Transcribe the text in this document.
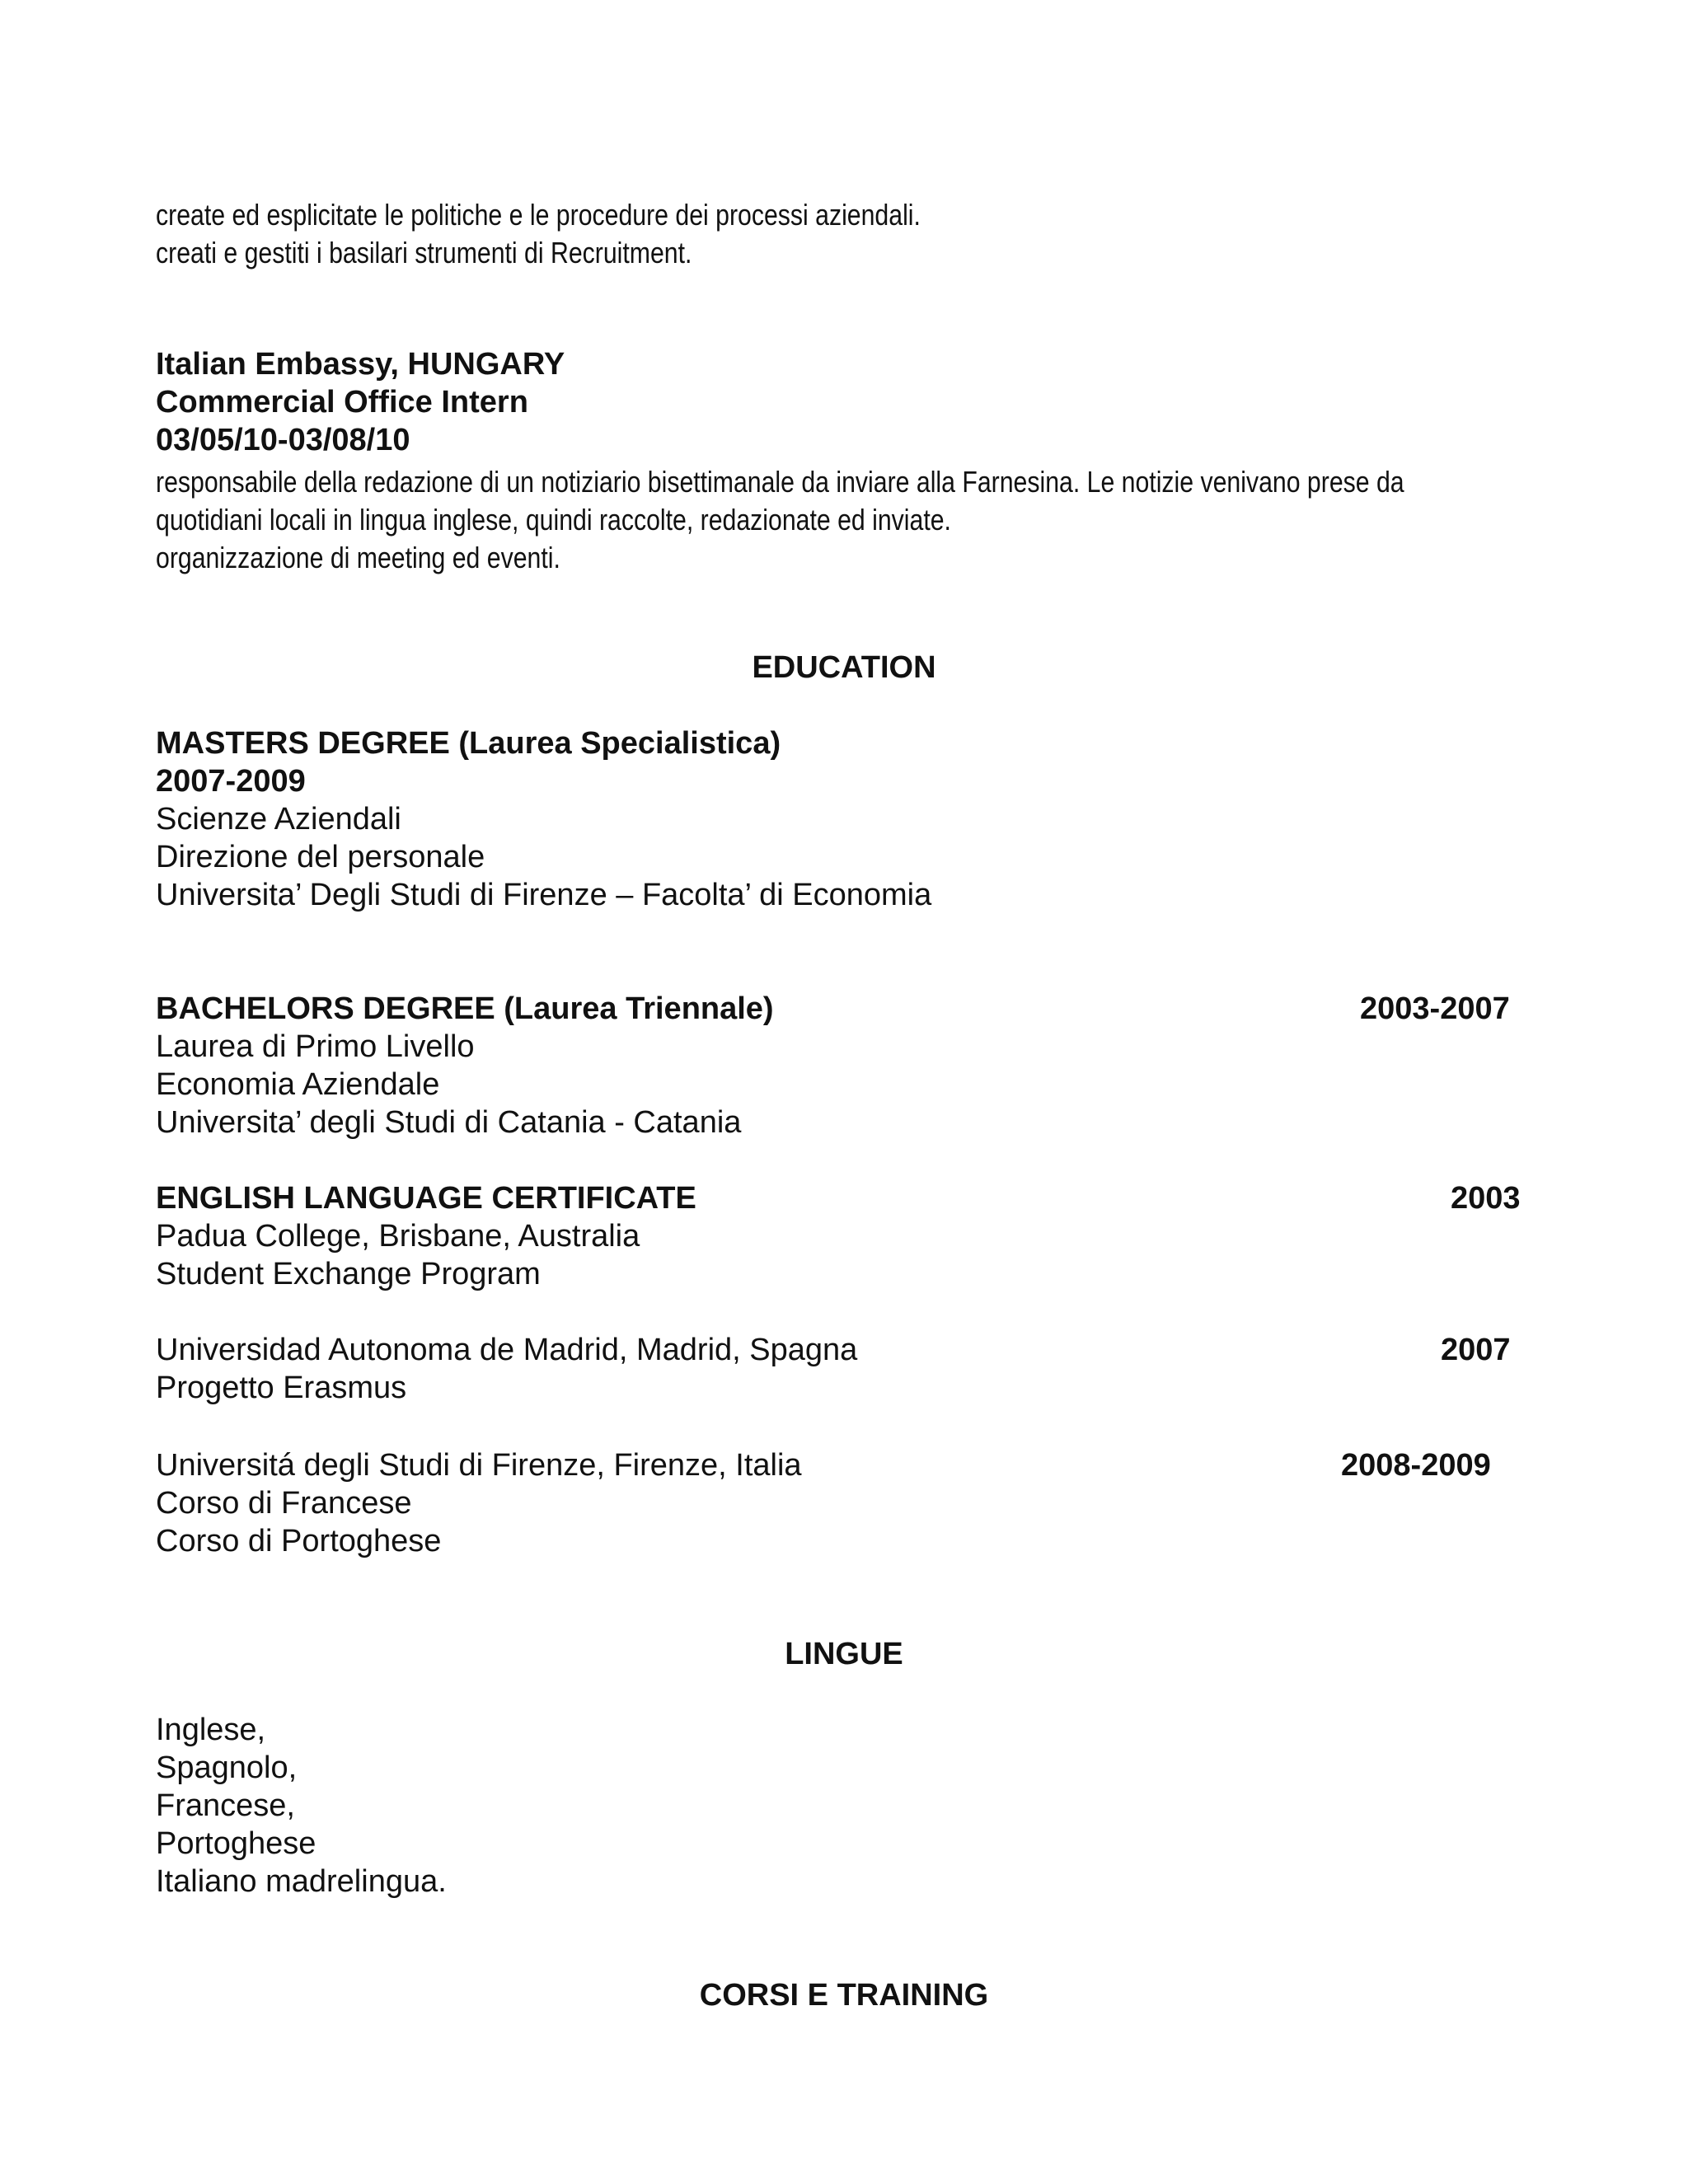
create ed esplicitate le politiche e le procedure dei processi aziendali.
creati e gestiti i basilari strumenti di Recruitment.
Italian Embassy, HUNGARY
Commercial Office Intern
03/05/10-03/08/10
responsabile della redazione di un notiziario bisettimanale da inviare alla Farnesina. Le notizie venivano prese da
quotidiani locali in lingua inglese, quindi raccolte, redazionate ed inviate.
organizzazione di meeting ed eventi.
EDUCATION
MASTERS DEGREE (Laurea Specialistica)
2007-2009
Scienze Aziendali
Direzione del personale
Universita’ Degli Studi di Firenze – Facolta’ di Economia
BACHELORS DEGREE (Laurea Triennale)	2003-2007
Laurea di Primo Livello
Economia Aziendale
Universita’ degli Studi di Catania - Catania
ENGLISH LANGUAGE CERTIFICATE	2003
Padua College, Brisbane, Australia
Student Exchange Program
Universidad Autonoma de Madrid, Madrid, Spagna	2007
Progetto Erasmus
Universitá degli Studi di Firenze, Firenze, Italia	2008-2009
Corso di Francese
Corso di Portoghese
LINGUE
Inglese,
Spagnolo,
Francese,
Portoghese
Italiano madrelingua.
CORSI E TRAINING
